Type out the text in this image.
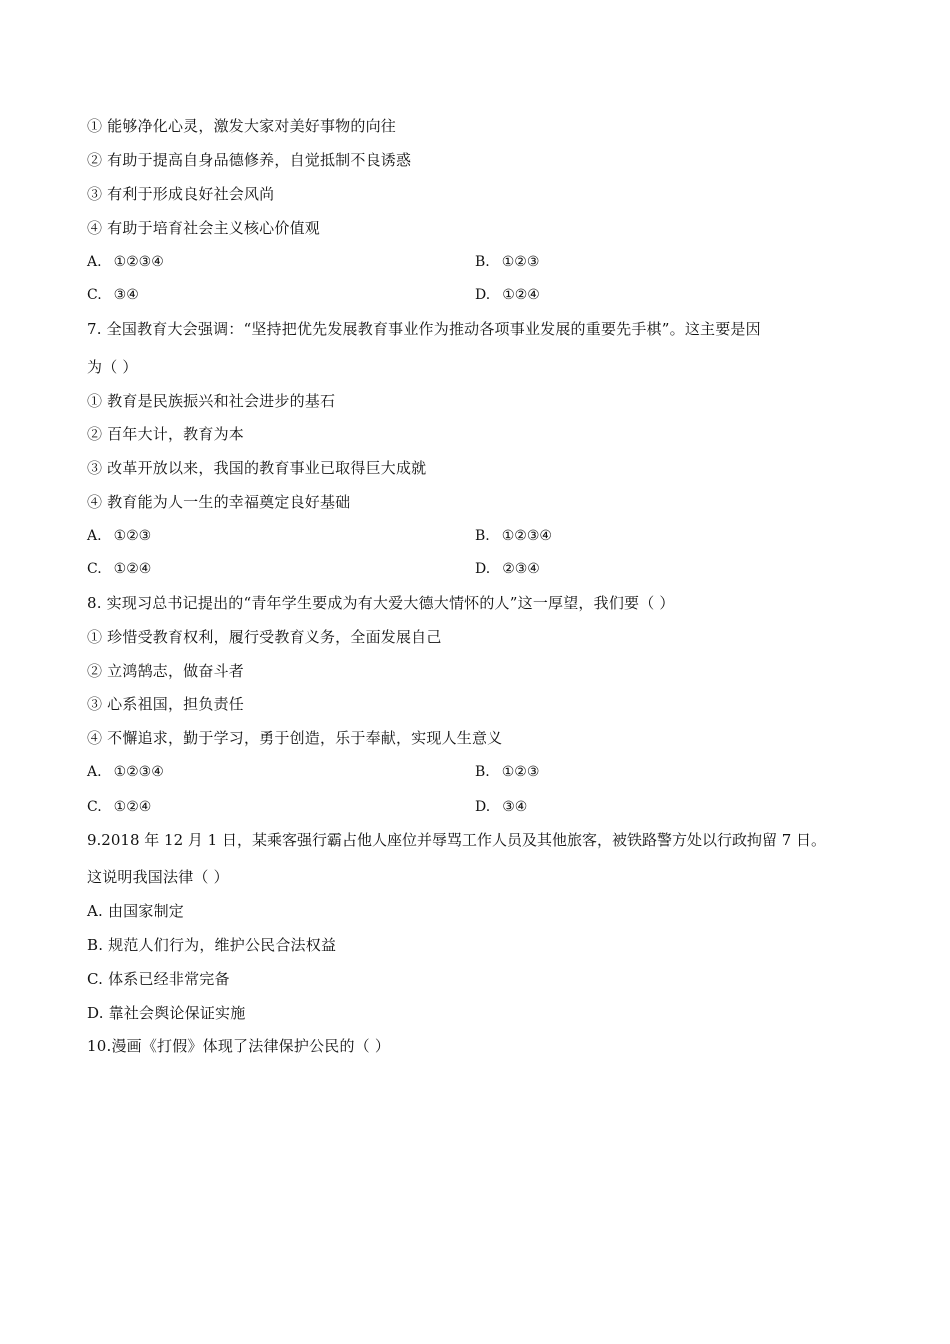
① 能够净化心灵，激发大家对美好事物的向往
② 有助于提高自身品德修养，自觉抵制不良诱惑
③ 有利于形成良好社会风尚
④ 有助于培育社会主义核心价值观
A. ①②③④	B. ①②③
C. ③④	D. ①②④
7. 全国教育大会强调：“坚持把优先发展教育事业作为推动各项事业发展的重要先手棋”。这主要是因
为（ ）
① 教育是民族振兴和社会进步的基石
② 百年大计，教育为本
③ 改革开放以来，我国的教育事业已取得巨大成就
④ 教育能为人一生的幸福奠定良好基础
A. ①②③	B. ①②③④
C. ①②④	D. ②③④
8. 实现习总书记提出的“青年学生要成为有大爱大德大情怀的人”这一厚望，我们要（ ）
① 珍惜受教育权利，履行受教育义务，全面发展自己
② 立鸿鹄志，做奋斗者
③ 心系祖国，担负责任
④ 不懈追求，勤于学习，勇于创造，乐于奉献，实现人生意义
A. ①②③④	B. ①②③
C. ①②④	D. ③④
9.2018 年 12 月 1 日，某乘客强行霸占他人座位并辱骂工作人员及其他旅客，被铁路警方处以行政拘留 7 日。
这说明我国法律（ ）
A. 由国家制定
B. 规范人们行为，维护公民合法权益
C. 体系已经非常完备
D. 靠社会舆论保证实施
10.漫画《打假》体现了法律保护公民的（ ）
